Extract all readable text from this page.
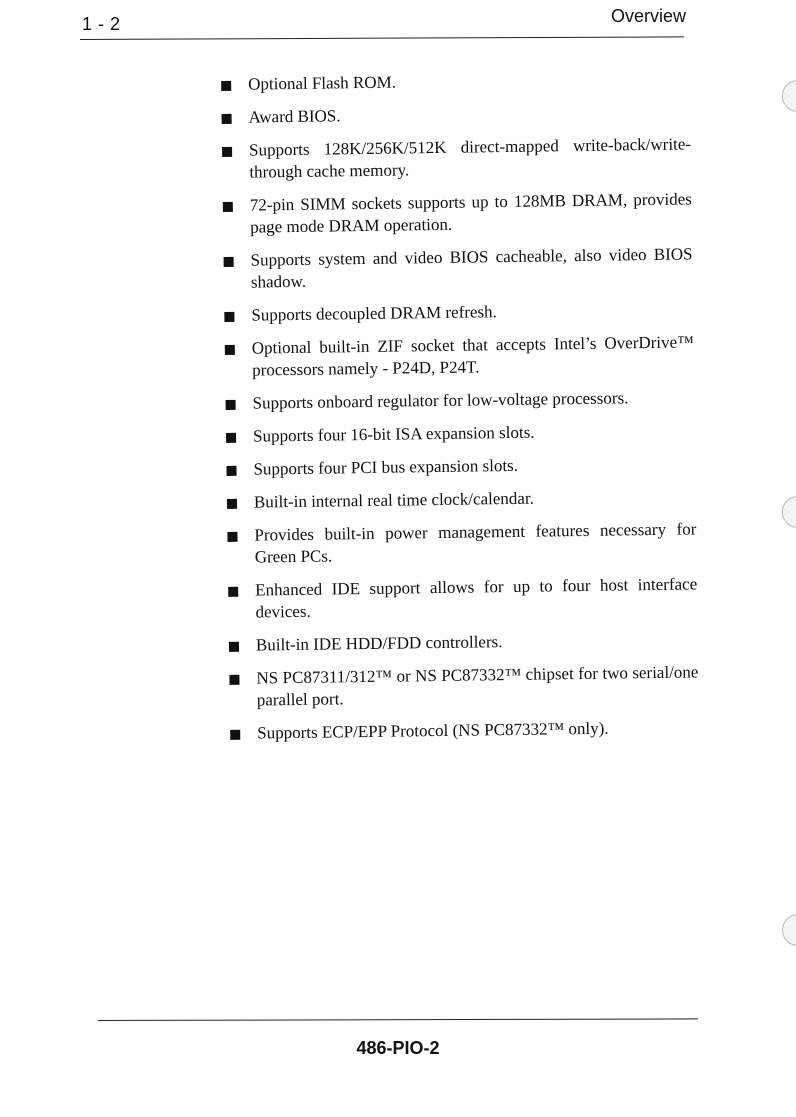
1 - 2	Overview
Optional Flash ROM.
Award BIOS.
Supports 128K/256K/512K direct-mapped write-back/write-through cache memory.
72-pin SIMM sockets supports up to 128MB DRAM, provides page mode DRAM operation.
Supports system and video BIOS cacheable, also video BIOS shadow.
Supports decoupled DRAM refresh.
Optional built-in ZIF socket that accepts Intel’s OverDrive™ processors namely - P24D, P24T.
Supports onboard regulator for low-voltage processors.
Supports four 16-bit ISA expansion slots.
Supports four PCI bus expansion slots.
Built-in internal real time clock/calendar.
Provides built-in power management features necessary for Green PCs.
Enhanced IDE support allows for up to four host interface devices.
Built-in IDE HDD/FDD controllers.
NS PC87311/312™ or NS PC87332™ chipset for two serial/one parallel port.
Supports ECP/EPP Protocol (NS PC87332™ only).
486-PIO-2
